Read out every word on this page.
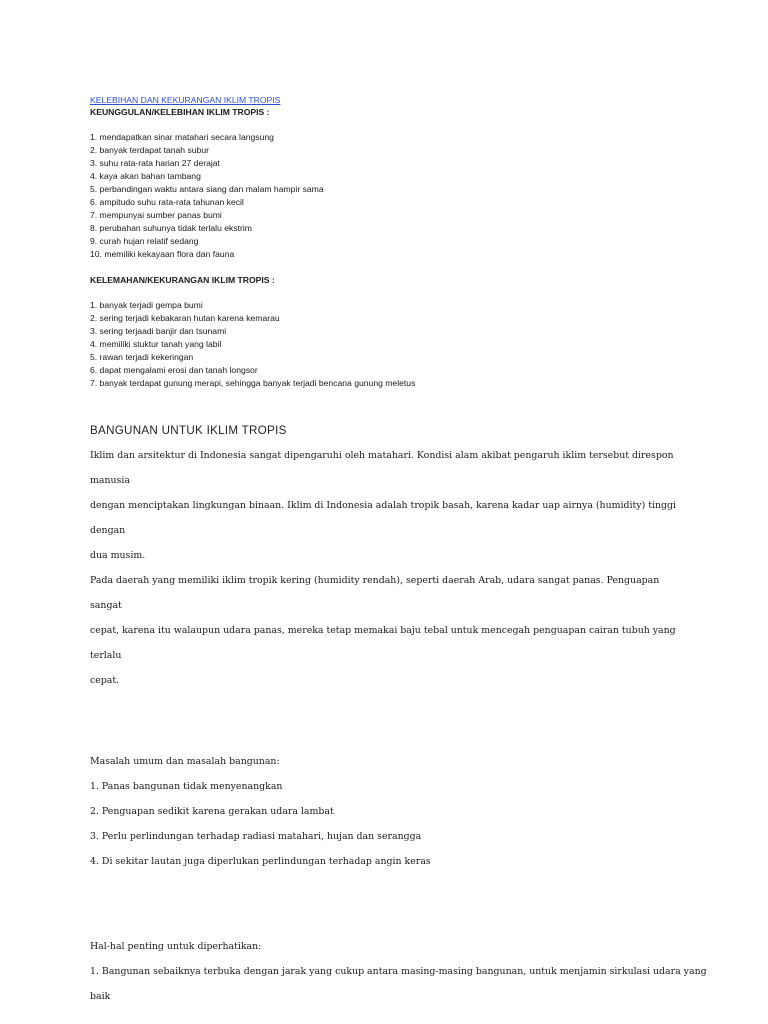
KELEBIHAN DAN KEKURANGAN IKLIM TROPIS
KEUNGGULAN/KELEBIHAN IKLIM TROPIS :
1. mendapatkan sinar matahari secara langsung
2. banyak terdapat tanah subur
3. suhu rata-rata harian 27 derajat
4. kaya akan bahan tambang
5. perbandingan waktu antara siang dan malam hampir sama
6. ampitudo suhu rata-rata tahunan kecil
7. mempunyai sumber panas bumi
8. perubahan suhunya tidak terlalu ekstrim
9. curah hujan relatif sedang
10. memiliki kekayaan flora dan fauna
KELEMAHAN/KEKURANGAN IKLIM TROPIS :
1. banyak terjadi gempa bumi
2. sering terjadi kebakaran hutan karena kemarau
3. sering terjaadi banjir dan tsunami
4. memiliki stuktur tanah yang labil
5. rawan terjadi kekeringan
6. dapat mengalami erosi dan tanah longsor
7. banyak terdapat gunung merapi, sehingga banyak terjadi bencana gunung meletus
BANGUNAN UNTUK IKLIM TROPIS
Iklim dan arsitektur di Indonesia sangat dipengaruhi oleh matahari. Kondisi alam akibat pengaruh iklim tersebut direspon manusia
dengan menciptakan lingkungan binaan. Iklim di Indonesia adalah tropik basah, karena kadar uap airnya (humidity) tinggi dengan
dua musim.
Pada daerah yang memiliki iklim tropik kering (humidity rendah), seperti daerah Arab, udara sangat panas. Penguapan sangat
cepat, karena itu walaupun udara panas, mereka tetap memakai baju tebal untuk mencegah penguapan cairan tubuh yang terlalu
cepat.
Masalah umum dan masalah bangunan:
1. Panas bangunan tidak menyenangkan
2. Penguapan sedikit karena gerakan udara lambat
3. Perlu perlindungan terhadap radiasi matahari, hujan dan serangga
4. Di sekitar lautan juga diperlukan perlindungan terhadap angin keras
Hal-hal penting untuk diperhatikan:
1. Bangunan sebaiknya terbuka dengan jarak yang cukup antara masing-masing bangunan, untuk menjamin sirkulasi udara yang
baik
